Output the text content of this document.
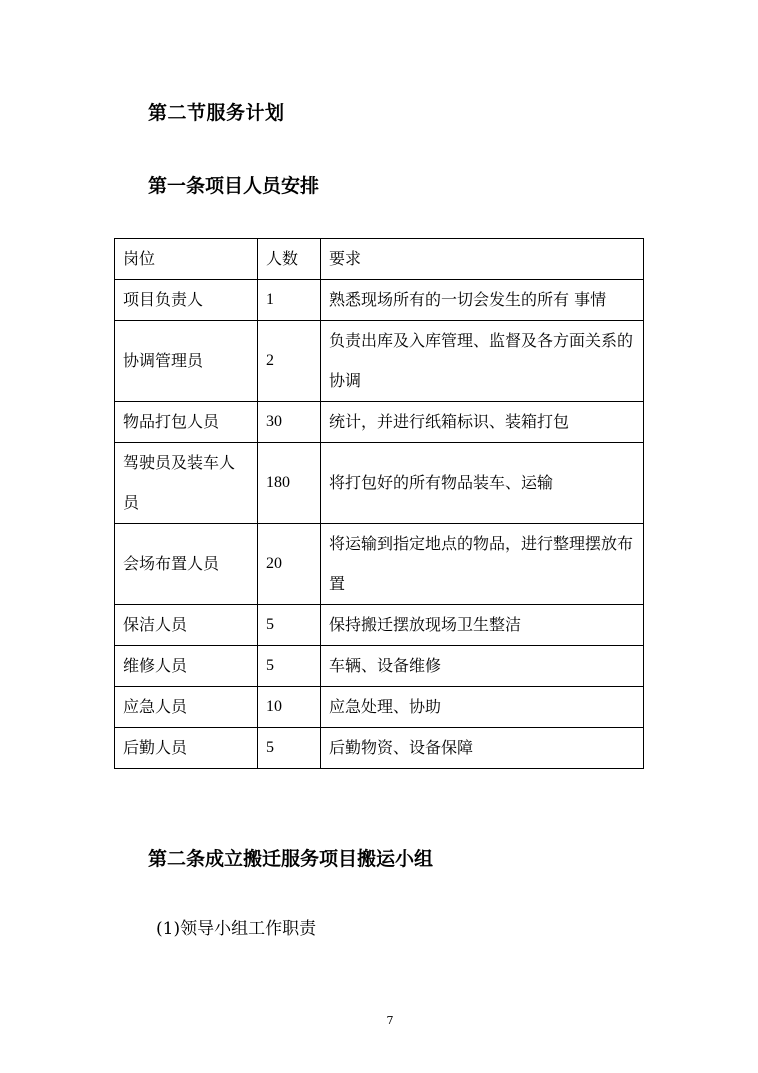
第二节服务计划
第一条项目人员安排
岗位	人数	要求
项目负责人	1	熟悉现场所有的一切会发生的所有 事情
协调管理员	2	负责出库及入库管理、监督及各方面关系的协调
物品打包人员	30	统计，并进行纸箱标识、装箱打包
驾驶员及装车人员	180	将打包好的所有物品装车、运输
会场布置人员	20	将运输到指定地点的物品，进行整理摆放布置
保洁人员	5	保持搬迁摆放现场卫生整洁
维修人员	5	车辆、设备维修
应急人员	10	应急处理、协助
后勤人员	5	后勤物资、设备保障
第二条成立搬迁服务项目搬运小组

(1)领导小组工作职责

7
